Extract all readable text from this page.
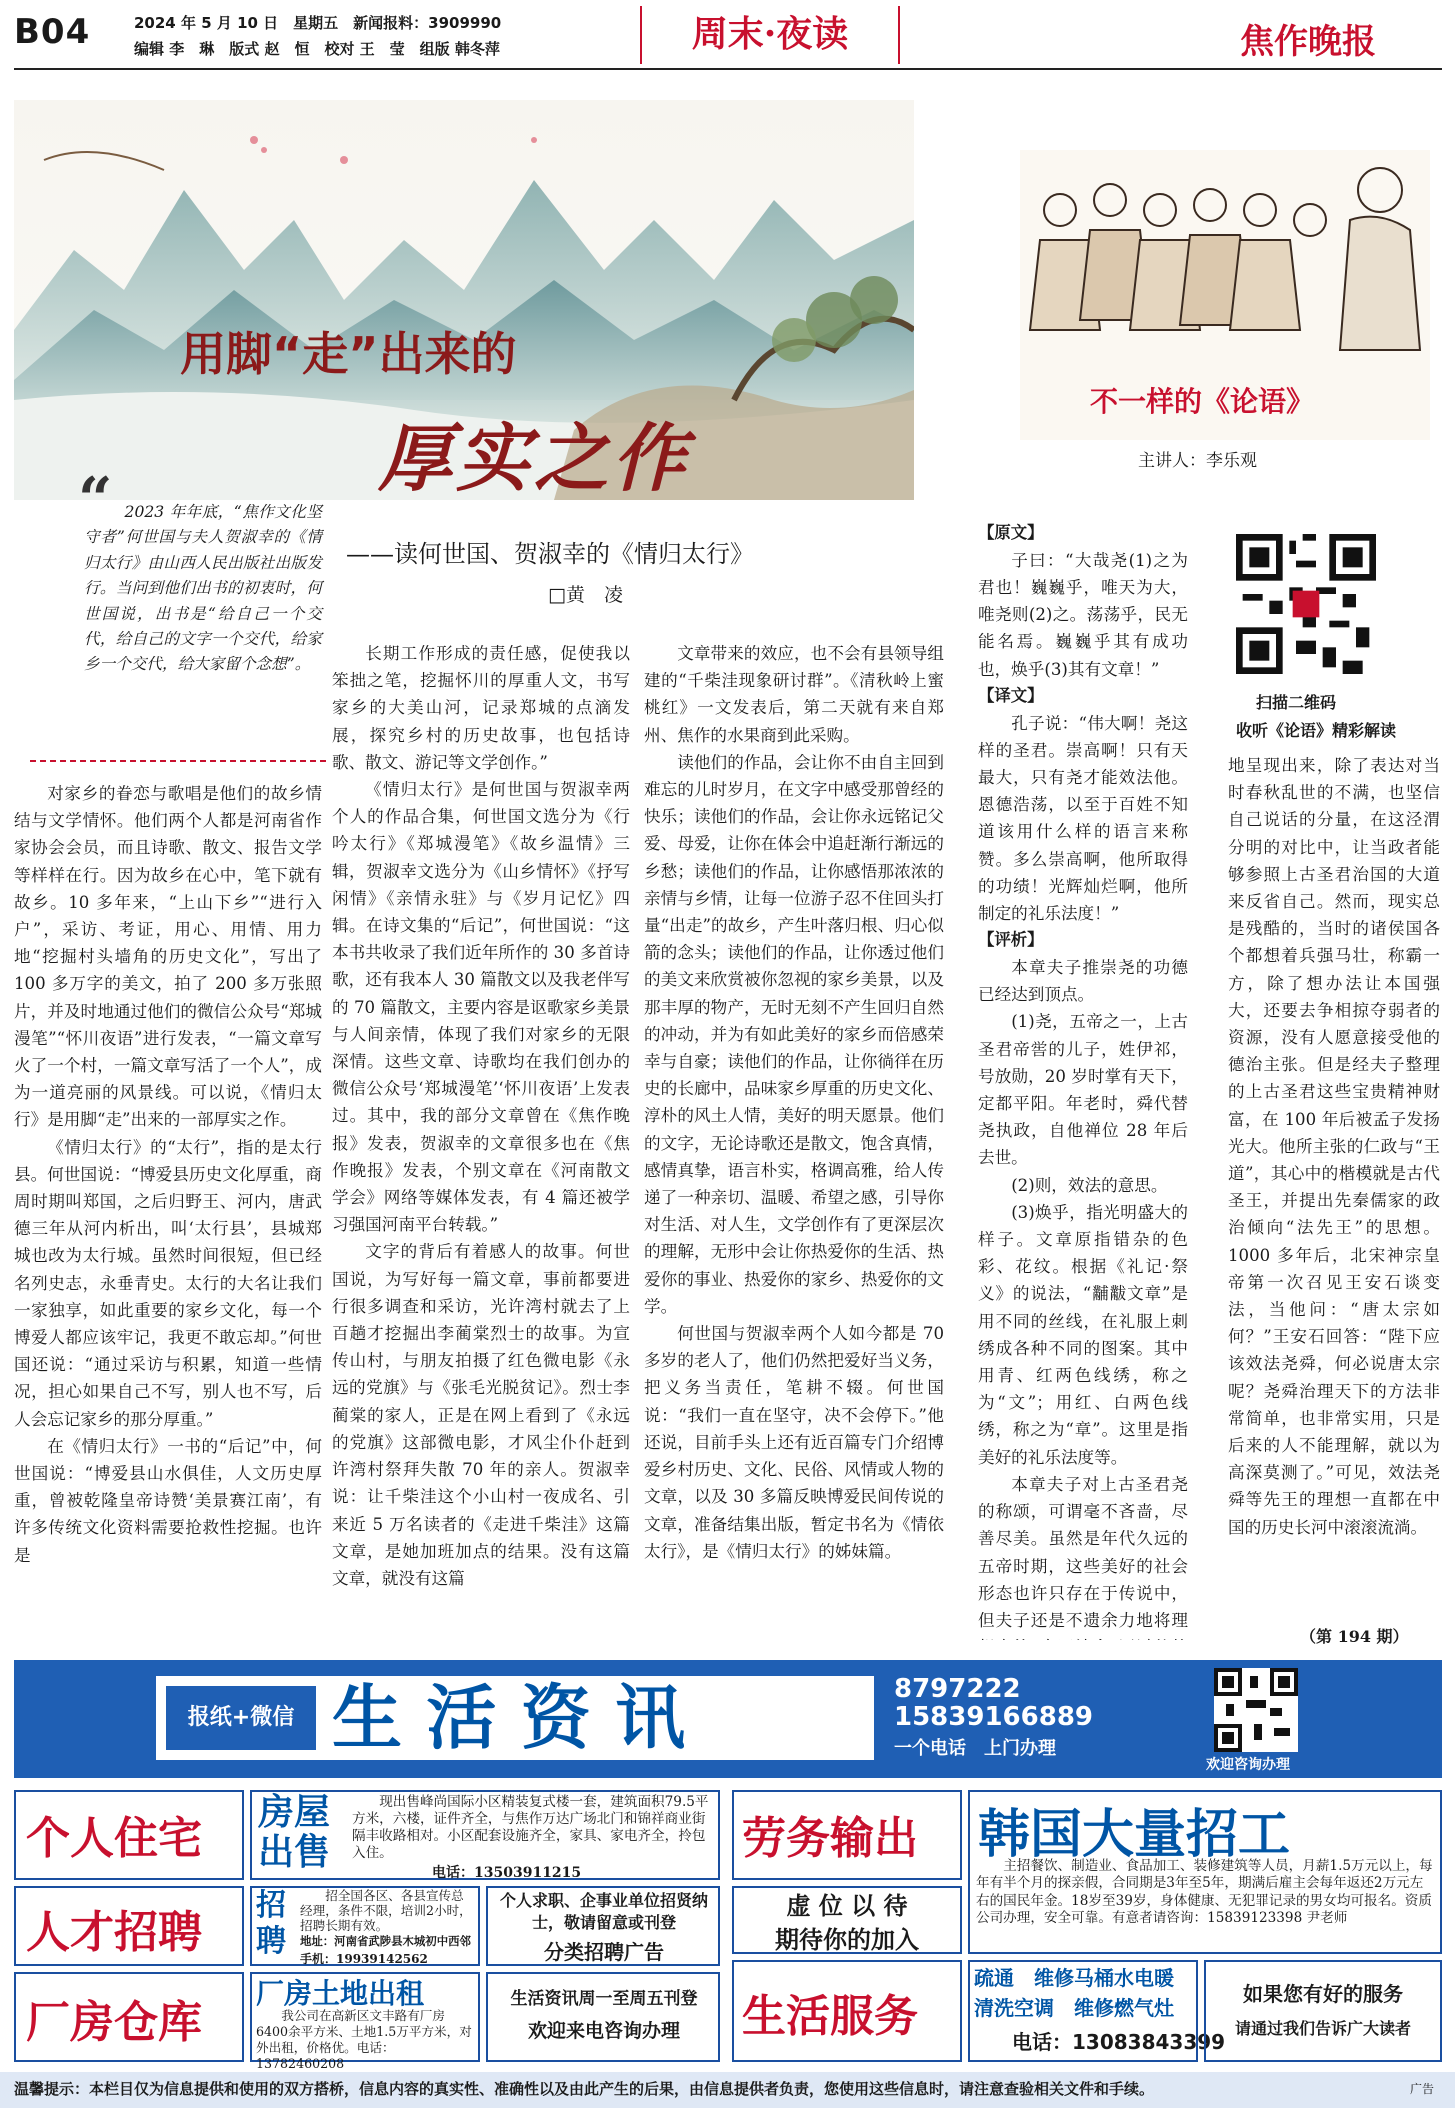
B04	2024 年 5 月 10 日　星期五　新闻报料：3909990
编辑 李　琳　版式 赵　恒　校对 王　莹　组版 韩冬萍	周末·夜读	焦作晚报
用脚“走”出来的
厚实之作
——读何世国、贺淑幸的《情归太行》
□黄　凌
“ 2023 年年底，“焦作文化坚守者”何世国与夫人贺淑幸的《情归太行》由山西人民出版社出版发行。当问到他们出书的初衷时，何世国说，出书是“给自己一个交代，给自己的文字一个交代，给家乡一个交代，给大家留个念想”。

对家乡的眷恋与歌唱是他们的故乡情结与文学情怀。他们两个人都是河南省作家协会会员，而且诗歌、散文、报告文学等样样在行。因为故乡在心中，笔下就有故乡。10 多年来，“上山下乡”“进行入户”，采访、考证，用心、用情、用力地“挖掘村头墙角的历史文化”，写出了 100 多万字的美文，拍了 200 多万张照片，并及时地通过他们的微信公众号“郑城漫笔”“怀川夜语”进行发表，“一篇文章写火了一个村，一篇文章写活了一个人”，成为一道亮丽的风景线。可以说，《情归太行》是用脚“走”出来的一部厚实之作。

《情归太行》的“太行”，指的是太行县。何世国说：“博爱县历史文化厚重，商周时期叫郑国，之后归野王、河内，唐武德三年从河内析出，叫‘太行县’，县城郑城也改为太行城。虽然时间很短，但已经名列史志，永垂青史。太行的大名让我们一家独享，如此重要的家乡文化，每一个博爱人都应该牢记，我更不敢忘却。”何世国还说：“通过采访与积累，知道一些情况，担心如果自己不写，别人也不写，后人会忘记家乡的那分厚重。”

在《情归太行》一书的“后记”中，何世国说：“博爱县山水俱佳，人文历史厚重，曾被乾隆皇帝诗赞‘美景赛江南’，有许多传统文化资料需要抢救性挖掘。也许是

长期工作形成的责任感，促使我以笨拙之笔，挖掘怀川的厚重人文，书写家乡的大美山河，记录郑城的点滴发展，探究乡村的历史故事，也包括诗歌、散文、游记等文学创作。”

《情归太行》是何世国与贺淑幸两个人的作品合集，何世国文选分为《行吟太行》《郑城漫笔》《故乡温情》三辑，贺淑幸文选分为《山乡情怀》《抒写闲情》《亲情永驻》与《岁月记忆》四辑。在诗文集的“后记”，何世国说：“这本书共收录了我们近年所作的 30 多首诗歌，还有我本人 30 篇散文以及我老伴写的 70 篇散文，主要内容是讴歌家乡美景与人间亲情，体现了我们对家乡的无限深情。这些文章、诗歌均在我们创办的微信公众号‘郑城漫笔’‘怀川夜语’上发表过。其中，我的部分文章曾在《焦作晚报》发表，贺淑幸的文章很多也在《焦作晚报》发表，个别文章在《河南散文学会》网络等媒体发表，有 4 篇还被学习强国河南平台转载。”

文字的背后有着感人的故事。何世国说，为写好每一篇文章，事前都要进行很多调查和采访，光许湾村就去了上百趟才挖掘出李蔺棠烈士的故事。为宣传山村，与朋友拍摄了红色微电影《永远的党旗》与《张毛光脱贫记》。烈士李蔺棠的家人，正是在网上看到了《永远的党旗》这部微电影，才风尘仆仆赶到许湾村祭拜失散 70 年的亲人。贺淑幸说：让千柴洼这个小山村一夜成名、引来近 5 万名读者的《走进千柴洼》这篇文章，是她加班加点的结果。没有这篇文章，就没有这篇

文章带来的效应，也不会有县领导组建的“千柴洼现象研讨群”。《清秋岭上蜜桃红》一文发表后，第二天就有来自郑州、焦作的水果商到此采购。

读他们的作品，会让你不由自主回到难忘的儿时岁月，在文字中感受那曾经的快乐；读他们的作品，会让你永远铭记父爱、母爱，让你在体会中追赶渐行渐远的乡愁；读他们的作品，让你感悟那浓浓的亲情与乡情，让每一位游子忍不住回头打量“出走”的故乡，产生叶落归根、归心似箭的念头；读他们的作品，让你透过他们的美文来欣赏被你忽视的家乡美景，以及那丰厚的物产，无时无刻不产生回归自然的冲动，并为有如此美好的家乡而倍感荣幸与自豪；读他们的作品，让你徜徉在历史的长廊中，品味家乡厚重的历史文化、淳朴的风土人情，美好的明天愿景。他们的文字，无论诗歌还是散文，饱含真情，感情真挚，语言朴实，格调高雅，给人传递了一种亲切、温暖、希望之感，引导你对生活、对人生，文学创作有了更深层次的理解，无形中会让你热爱你的生活、热爱你的事业、热爱你的家乡、热爱你的文学。

何世国与贺淑幸两个人如今都是 70 多岁的老人了，他们仍然把爱好当义务，把义务当责任，笔耕不辍。何世国说：“我们一直在坚守，决不会停下。”他还说，目前手头上还有近百篇专门介绍博爱乡村历史、文化、民俗、风情或人物的文章，以及 30 多篇反映博爱民间传说的文章，准备结集出版，暂定书名为《情依太行》，是《情归太行》的姊妹篇。

不一样的《论语》
主讲人：李乐观
【原文】

子曰：“大哉尧(1)之为君也！巍巍乎，唯天为大，唯尧则(2)之。荡荡乎，民无能名焉。巍巍乎其有成功也，焕乎(3)其有文章！”

【译文】

孔子说：“伟大啊！尧这样的圣君。崇高啊！只有天最大，只有尧才能效法他。恩德浩荡，以至于百姓不知道该用什么样的语言来称赞。多么崇高啊，他所取得的功绩！光辉灿烂啊，他所制定的礼乐法度！”

【评析】

本章夫子推崇尧的功德已经达到顶点。

(1)尧，五帝之一，上古圣君帝喾的儿子，姓伊祁，号放勋，20 岁时掌有天下，定都平阳。年老时，舜代替尧执政，自他禅位 28 年后去世。

(2)则，效法的意思。

(3)焕乎，指光明盛大的样子。文章原指错杂的色彩、花纹。根据《礼记·祭义》的说法，“黼黻文章”是用不同的丝线，在礼服上刺绣成各种不同的图案。其中用青、红两色线绣，称之为“文”；用红、白两色线绣，称之为“章”。这里是指美好的礼乐法度等。

本章夫子对上古圣君尧的称颂，可谓毫不吝啬，尽善尽美。虽然是年代久远的五帝时期，这些美好的社会形态也许只存在于传说中，但夫子还是不遗余力地将理

扫描二维码
收听《论语》精彩解读

地呈现出来，除了表达对当时春秋乱世的不满，也坚信自己说话的分量，在这泾渭分明的对比中，让当政者能够参照上古圣君治国的大道来反省自己。然而，现实总是残酷的，当时的诸侯国各个都想着兵强马壮，称霸一方，除了想办法让本国强大，还要去争相掠夺弱者的资源，没有人愿意接受他的德治主张。但是经夫子整理的上古圣君这些宝贵精神财富，在 100 年后被孟子发扬光大。他所主张的仁政与“王道”，其心中的楷模就是古代圣王，并提出先秦儒家的政治倾向“法先王”的思想。1000 多年后，北宋神宗皇帝第一次召见王安石谈变法，当他问：“唐太宗如何？”王安石回答：“陛下应该效法尧舜，何必说唐太宗呢？尧舜治理天下的方法非常简单，也非常实用，只是后来的人不能理解，就以为高深莫测了。”可见，效法尧舜等先王的理想一直都在中国的历史长河中滚滚流淌。

（第 194 期）
报纸+微信 生 活 资 讯	8797222
15839166889
一个电话　上门办理
欢迎咨询办理
个人住宅
房屋出售
现出售峰尚国际小区精装复式楼一套，建筑面积79.5平方米，六楼，证件齐全，与焦作万达广场北门和锦祥商业街隔丰收路相对。小区配套设施齐全，家具、家电齐全，拎包入住。
电话：13503911215
劳务输出 韩国大量招工
主招餐饮、制造业、食品加工、装修建筑等人员，月薪1.5万元以上，每年有半个月的探亲假，合同期是3年至5年，期满后雇主会每年返还2万元左右的国民年金。18岁至39岁，身体健康、无犯罪记录的男女均可报名。资质公司办理，安全可靠。有意者请咨询：15839123398 尹老师
人才招聘
招聘
招全国各区、各县宣传总经理，条件不限，培训2小时，招聘长期有效。
地址：河南省武陟县木城初中西邻
手机：19939142562
个人求职、企事业单位招贤纳士，敬请留意或刊登
分类招聘广告
虚 位 以 待
期待你的加入
厂房仓库
厂房土地出租
我公司在高新区文丰路有厂房6400余平方米、土地1.5万平方米，对外出租，价格优。电话：13782460208
生活资讯周一至周五刊登
欢迎来电咨询办理	生活服务
疏通　维修马桶水电暖
清洗空调　维修燃气灶
电话：13083843399
如果您有好的服务
请通过我们告诉广大读者
温馨提示：本栏目仅为信息提供和使用的双方搭桥，信息内容的真实性、准确性以及由此产生的后果，由信息提供者负责，您使用这些信息时，请注意查验相关文件和手续。	广告
